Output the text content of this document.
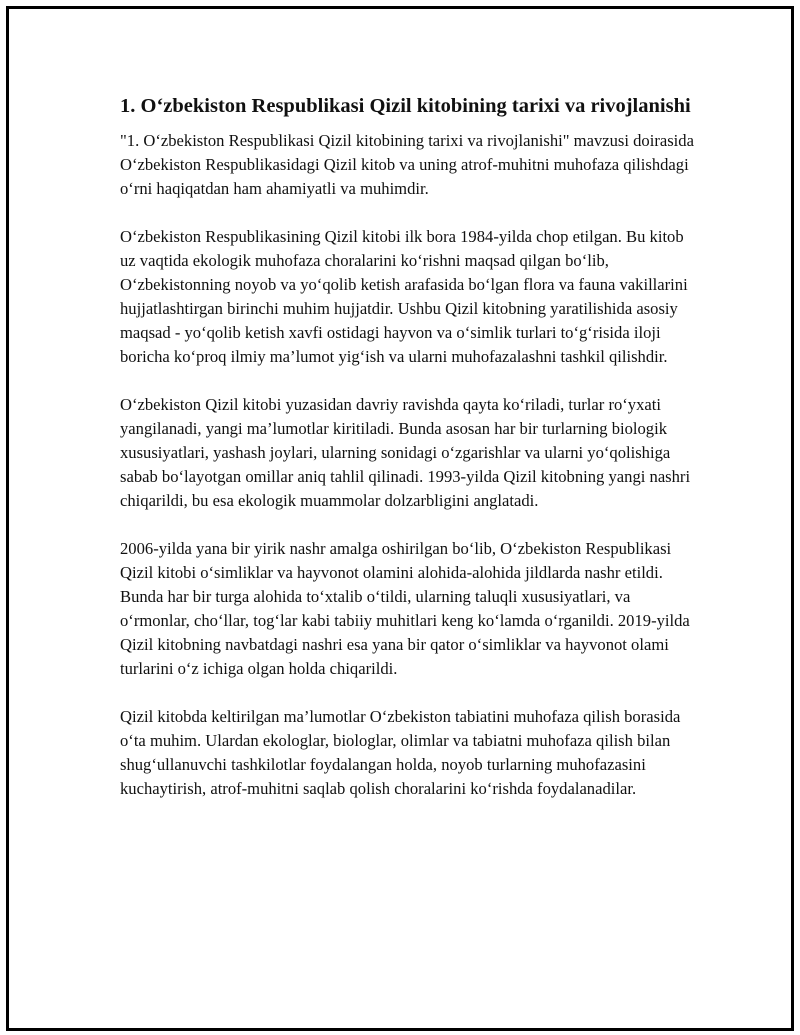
1. O‘zbekiston Respublikasi Qizil kitobining tarixi va rivojlanishi

"1. O‘zbekiston Respublikasi Qizil kitobining tarixi va rivojlanishi" mavzusi doirasida O‘zbekiston Respublikasidagi Qizil kitob va uning atrof-muhitni muhofaza qilishdagi o‘rni haqiqatdan ham ahamiyatli va muhimdir.

O‘zbekiston Respublikasining Qizil kitobi ilk bora 1984-yilda chop etilgan. Bu kitob uz vaqtida ekologik muhofaza choralarini ko‘rishni maqsad qilgan bo‘lib, O‘zbekistonning noyob va yo‘qolib ketish arafasida bo‘lgan flora va fauna vakillarini hujjatlashtirgan birinchi muhim hujjatdir. Ushbu Qizil kitobning yaratilishida asosiy maqsad - yo‘qolib ketish xavfi ostidagi hayvon va o‘simlik turlari to‘g‘risida iloji boricha ko‘proq ilmiy ma’lumot yig‘ish va ularni muhofazalashni tashkil qilishdir.

O‘zbekiston Qizil kitobi yuzasidan davriy ravishda qayta ko‘riladi, turlar ro‘yxati yangilanadi, yangi ma’lumotlar kiritiladi. Bunda asosan har bir turlarning biologik xususiyatlari, yashash joylari, ularning sonidagi o‘zgarishlar va ularni yo‘qolishiga sabab bo‘layotgan omillar aniq tahlil qilinadi. 1993-yilda Qizil kitobning yangi nashri chiqarildi, bu esa ekologik muammolar dolzarbligini anglatadi.

2006-yilda yana bir yirik nashr amalga oshirilgan bo‘lib, O‘zbekiston Respublikasi Qizil kitobi o‘simliklar va hayvonot olamini alohida-alohida jildlarda nashr etildi. Bunda har bir turga alohida to‘xtalib o‘tildi, ularning taluqli xususiyatlari, va o‘rmonlar, cho‘llar, tog‘lar kabi tabiiy muhitlari keng ko‘lamda o‘rganildi. 2019-yilda Qizil kitobning navbatdagi nashri esa yana bir qator o‘simliklar va hayvonot olami turlarini o‘z ichiga olgan holda chiqarildi.

Qizil kitobda keltirilgan ma’lumotlar O‘zbekiston tabiatini muhofaza qilish borasida o‘ta muhim. Ulardan ekologlar, biologlar, olimlar va tabiatni muhofaza qilish bilan shug‘ullanuvchi tashkilotlar foydalangan holda, noyob turlarning muhofazasini kuchaytirish, atrof-muhitni saqlab qolish choralarini ko‘rishda foydalanadilar.
